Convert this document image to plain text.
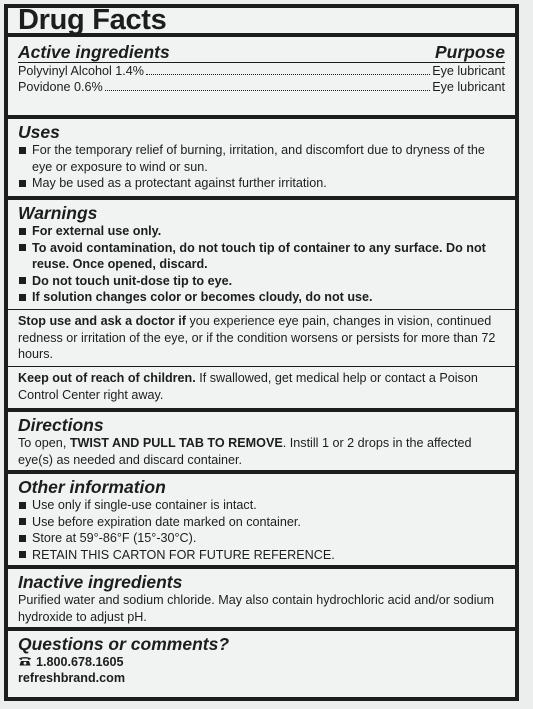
Drug Facts
Active ingredients	Purpose
Polyvinyl Alcohol 1.4%	Eye lubricant
Povidone 0.6%	Eye lubricant
Uses
For the temporary relief of burning, irritation, and discomfort due to dryness of the eye or exposure to wind or sun.
May be used as a protectant against further irritation.
Warnings
For external use only.
To avoid contamination, do not touch tip of container to any surface. Do not reuse. Once opened, discard.
Do not touch unit-dose tip to eye.
If solution changes color or becomes cloudy, do not use.
Stop use and ask a doctor if you experience eye pain, changes in vision, continued redness or irritation of the eye, or if the condition worsens or persists for more than 72 hours.
Keep out of reach of children. If swallowed, get medical help or contact a Poison Control Center right away.
Directions
To open, TWIST AND PULL TAB TO REMOVE. Instill 1 or 2 drops in the affected eye(s) as needed and discard container.
Other information
Use only if single-use container is intact.
Use before expiration date marked on container.
Store at 59°-86°F (15°-30°C).
RETAIN THIS CARTON FOR FUTURE REFERENCE.
Inactive ingredients
Purified water and sodium chloride. May also contain hydrochloric acid and/or sodium hydroxide to adjust pH.
Questions or comments?
1.800.678.1605
refreshbrand.com
